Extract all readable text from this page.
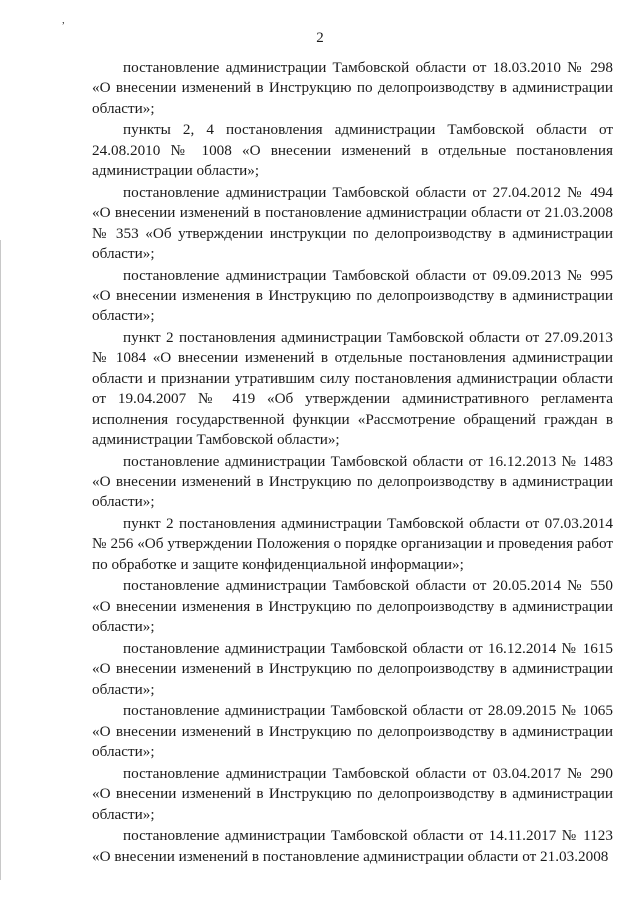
,
2

постановление администрации Тамбовской области от 18.03.2010 № 298 «О внесении изменений в Инструкцию по делопроизводству в администрации области»;

пункты 2, 4 постановления администрации Тамбовской области от 24.08.2010 № 1008 «О внесении изменений в отдельные постановления администрации области»;

постановление администрации Тамбовской области от 27.04.2012 № 494 «О внесении изменений в постановление администрации области от 21.03.2008 № 353 «Об утверждении инструкции по делопроизводству в администрации области»;

постановление администрации Тамбовской области от 09.09.2013 № 995 «О внесении изменения в Инструкцию по делопроизводству в администрации области»;

пункт 2 постановления администрации Тамбовской области от 27.09.2013 № 1084 «О внесении изменений в отдельные постановления администрации области и признании утратившим силу постановления администрации области от 19.04.2007 № 419 «Об утверждении административного регламента исполнения государственной функции «Рассмотрение обращений граждан в администрации Тамбовской области»;

постановление администрации Тамбовской области от 16.12.2013 № 1483 «О внесении изменений в Инструкцию по делопроизводству в администрации области»;

пункт 2 постановления администрации Тамбовской области от 07.03.2014 № 256 «Об утверждении Положения о порядке организации и проведения работ по обработке и защите конфиденциальной информации»;

постановление администрации Тамбовской области от 20.05.2014 № 550 «О внесении изменения в Инструкцию по делопроизводству в администрации области»;

постановление администрации Тамбовской области от 16.12.2014 № 1615 «О внесении изменений в Инструкцию по делопроизводству в администрации области»;

постановление администрации Тамбовской области от 28.09.2015 № 1065 «О внесении изменений в Инструкцию по делопроизводству в администрации области»;

постановление администрации Тамбовской области от 03.04.2017 № 290 «О внесении изменений в Инструкцию по делопроизводству в администрации области»;

постановление администрации Тамбовской области от 14.11.2017 № 1123 «О внесении изменений в постановление администрации области от 21.03.2008
